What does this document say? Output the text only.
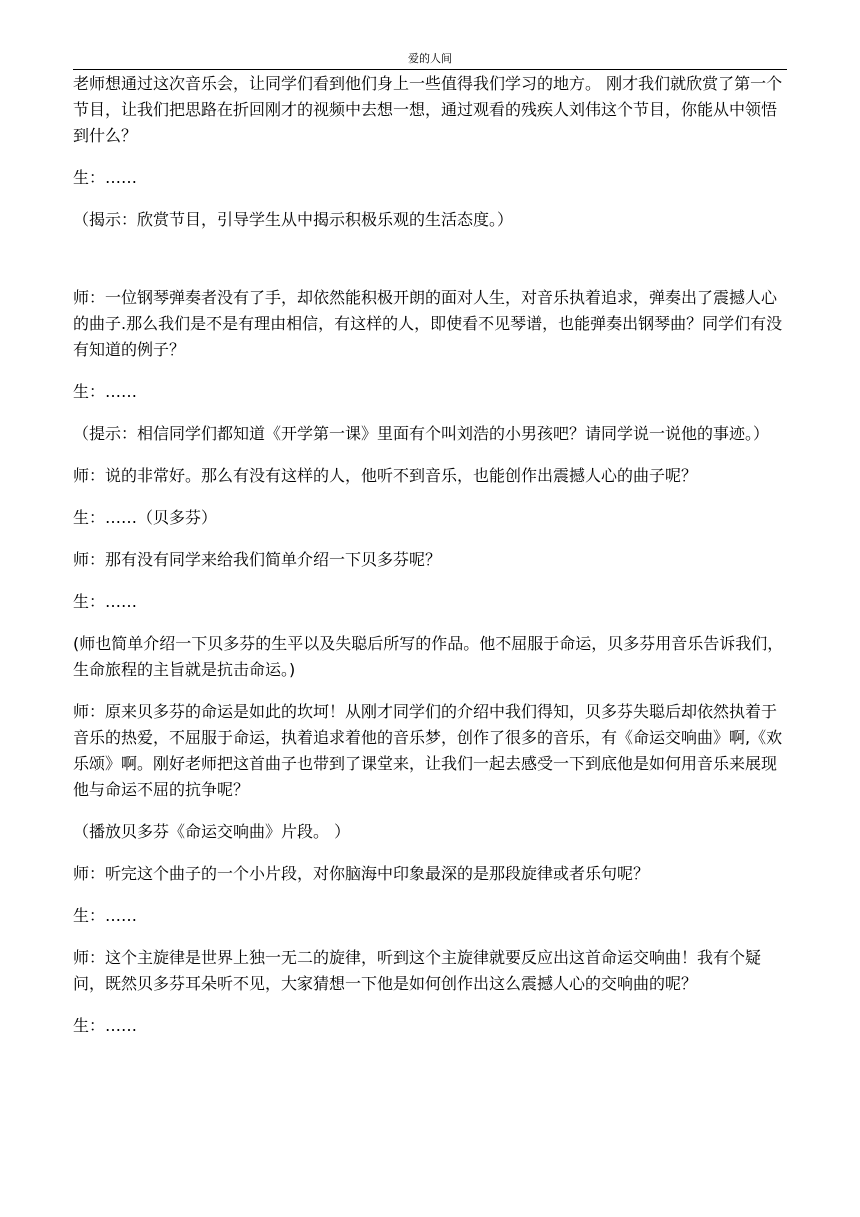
爱的人间

老师想通过这次音乐会，让同学们看到他们身上一些值得我们学习的地方。 刚才我们就欣赏了第一个节目，让我们把思路在折回刚才的视频中去想一想，通过观看的残疾人刘伟这个节目，你能从中领悟到什么？

生：……

（揭示：欣赏节目，引导学生从中揭示积极乐观的生活态度。）

师：一位钢琴弹奏者没有了手，却依然能积极开朗的面对人生，对音乐执着追求，弹奏出了震撼人心的曲子.那么我们是不是有理由相信，有这样的人，即使看不见琴谱，也能弹奏出钢琴曲？同学们有没有知道的例子？

生：……

（提示：相信同学们都知道《开学第一课》里面有个叫刘浩的小男孩吧？请同学说一说他的事迹。）

师：说的非常好。那么有没有这样的人，他听不到音乐，也能创作出震撼人心的曲子呢？

生：……（贝多芬）

师：那有没有同学来给我们简单介绍一下贝多芬呢？

生：……

(师也简单介绍一下贝多芬的生平以及失聪后所写的作品。他不屈服于命运，贝多芬用音乐告诉我们，生命旅程的主旨就是抗击命运。)

师：原来贝多芬的命运是如此的坎坷！从刚才同学们的介绍中我们得知，贝多芬失聪后却依然执着于音乐的热爱，不屈服于命运，执着追求着他的音乐梦，创作了很多的音乐，有《命运交响曲》啊,《欢乐颂》啊。刚好老师把这首曲子也带到了课堂来，让我们一起去感受一下到底他是如何用音乐来展现他与命运不屈的抗争呢？

（播放贝多芬《命运交响曲》片段。 ）

师：听完这个曲子的一个小片段，对你脑海中印象最深的是那段旋律或者乐句呢？

生：……

师：这个主旋律是世界上独一无二的旋律，听到这个主旋律就要反应出这首命运交响曲！我有个疑问，既然贝多芬耳朵听不见，大家猜想一下他是如何创作出这么震撼人心的交响曲的呢？

生：……
